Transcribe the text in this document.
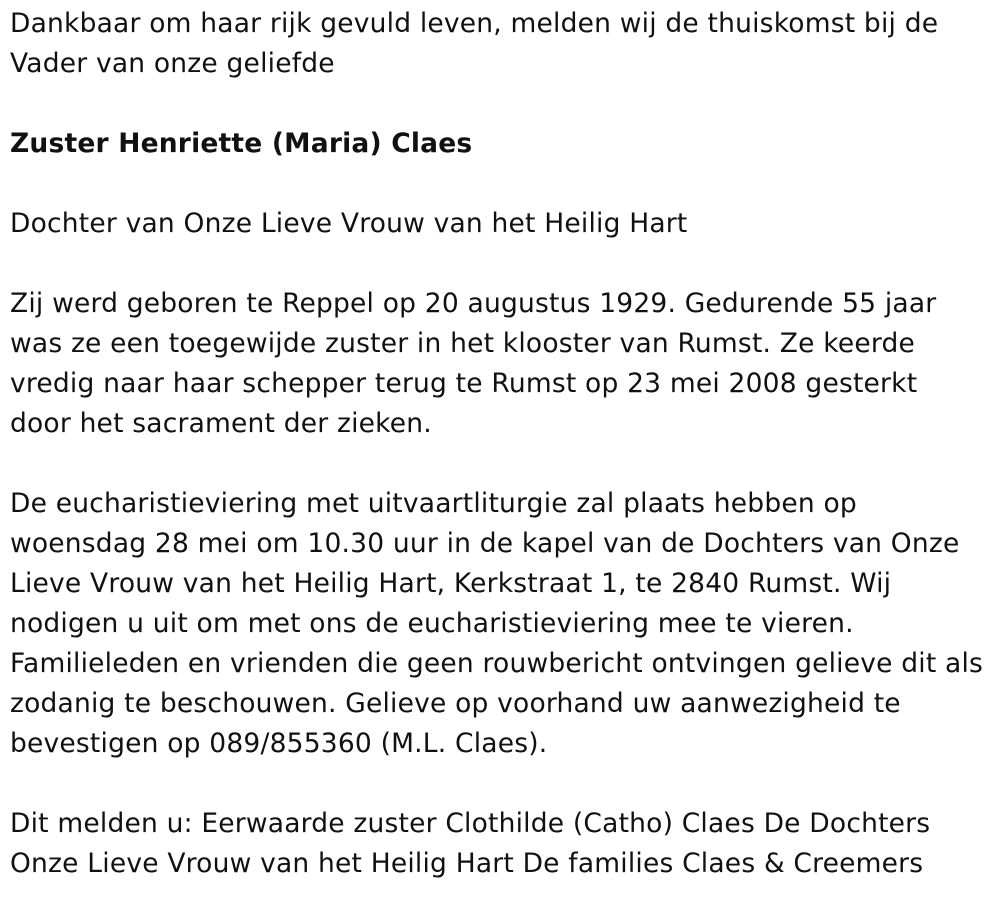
Dankbaar om haar rijk gevuld leven, melden wij de thuiskomst bij de Vader van onze geliefde

Zuster Henriette (Maria) Claes

Dochter van Onze Lieve Vrouw van het Heilig Hart

Zij werd geboren te Reppel op 20 augustus 1929. Gedurende 55 jaar was ze een toegewijde zuster in het klooster van Rumst. Ze keerde vredig naar haar schepper terug te Rumst op 23 mei 2008 gesterkt door het sacrament der zieken.

De eucharistieviering met uitvaartliturgie zal plaats hebben op woensdag 28 mei om 10.30 uur in de kapel van de Dochters van Onze Lieve Vrouw van het Heilig Hart, Kerkstraat 1, te 2840 Rumst. Wij nodigen u uit om met ons de eucharistieviering mee te vieren. Familieleden en vrienden die geen rouwbericht ontvingen gelieve dit als zodanig te beschouwen. Gelieve op voorhand uw aanwezigheid te bevestigen op 089/855360 (M.L. Claes).

Dit melden u: Eerwaarde zuster Clothilde (Catho) Claes De Dochters Onze Lieve Vrouw van het Heilig Hart De families Claes & Creemers
